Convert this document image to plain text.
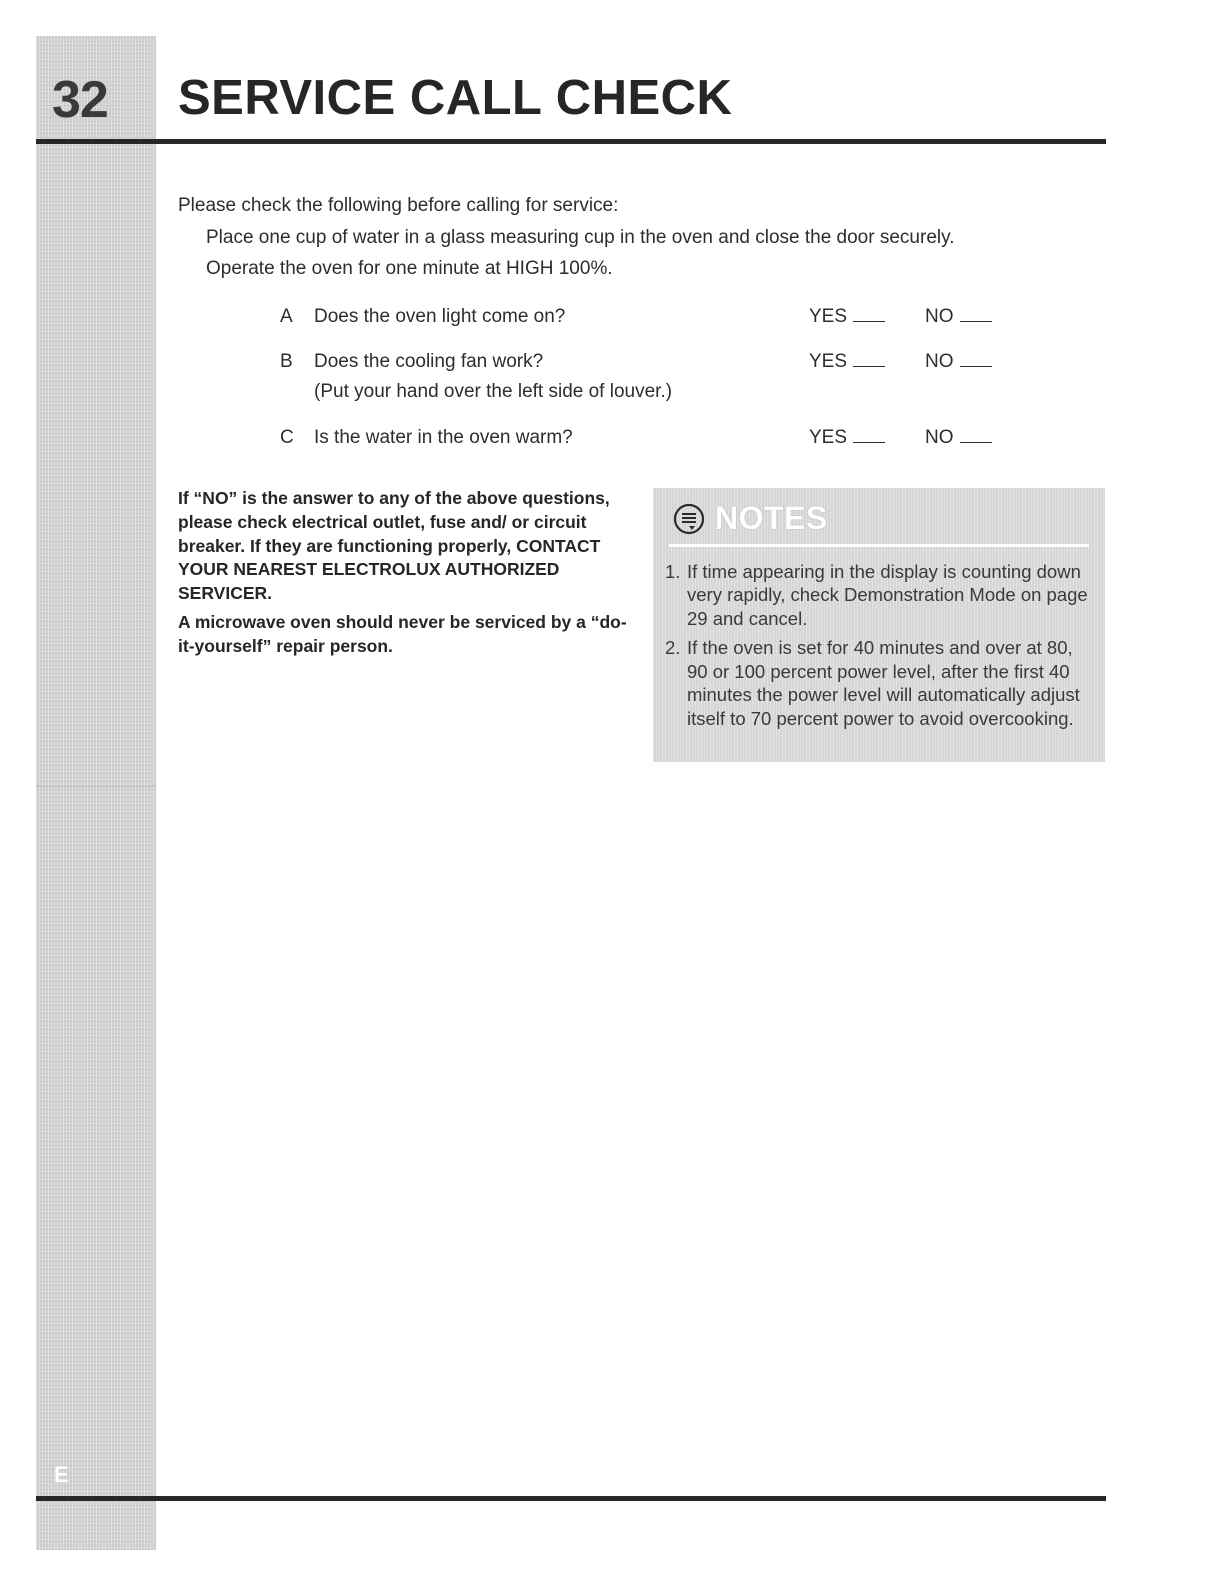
32 SERVICE CALL CHECK
Please check the following before calling for service:
Place one cup of water in a glass measuring cup in the oven and close the door securely.
Operate the oven for one minute at HIGH 100%.
A Does the oven light come on?	YES	NO
B Does the cooling fan work?
(Put your hand over the left side of louver.)
YES	NO
C Is the water in the oven warm?	YES	NO

If “NO” is the answer to any of the above questions, please check electrical outlet, fuse and/ or circuit breaker. If they are functioning properly, CONTACT YOUR NEAREST ELECTROLUX AUTHORIZED SERVICER.

A microwave oven should never be serviced by a “do-it-yourself” repair person.

NOTES
1. If time appearing in the display is counting down very rapidly, check Demonstration Mode on page 29 and cancel.
2. If the oven is set for 40 minutes and over at 80, 90 or 100 percent power level, after the first 40 minutes the power level will automatically adjust itself to 70 percent power to avoid overcooking.
E
